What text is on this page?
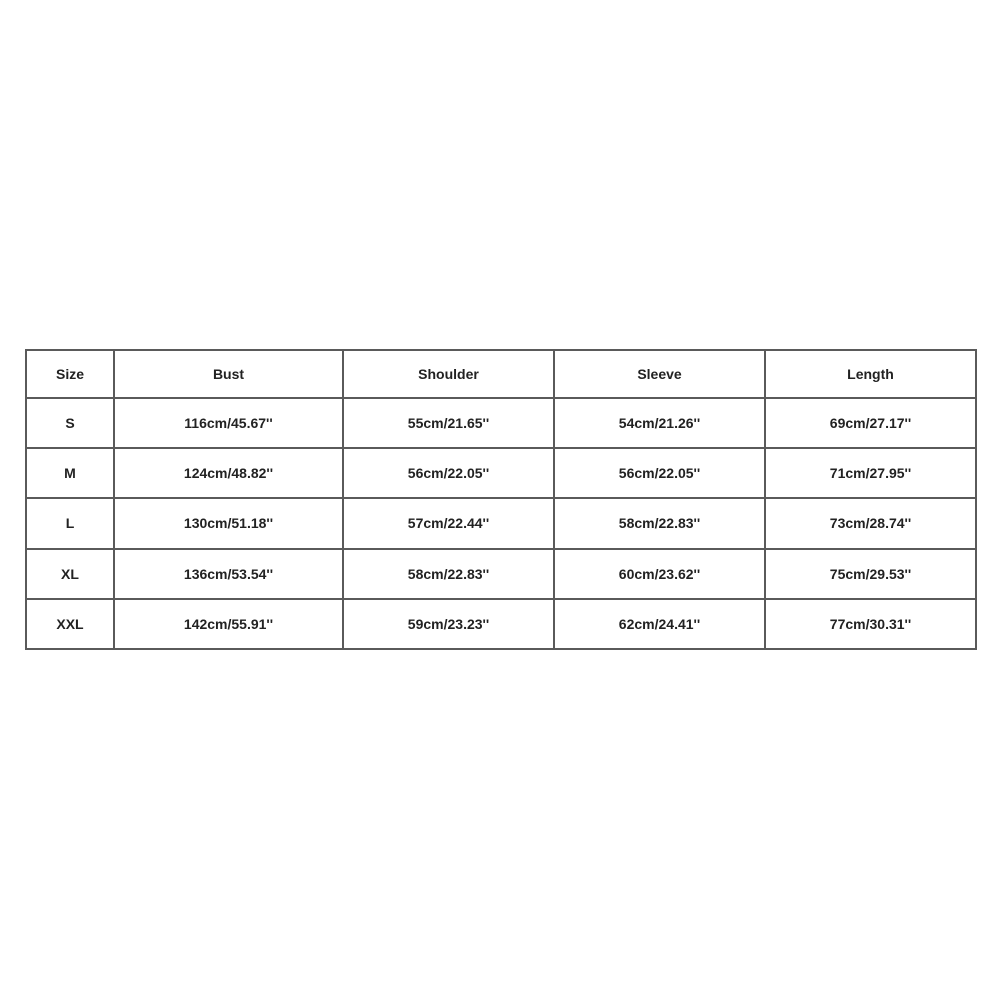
Size	Bust	Shoulder	Sleeve	Length
S	116cm/45.67''	55cm/21.65''	54cm/21.26''	69cm/27.17''
M	124cm/48.82''	56cm/22.05''	56cm/22.05''	71cm/27.95''
L	130cm/51.18''	57cm/22.44''	58cm/22.83''	73cm/28.74''
XL	136cm/53.54''	58cm/22.83''	60cm/23.62''	75cm/29.53''
XXL	142cm/55.91''	59cm/23.23''	62cm/24.41''	77cm/30.31''
